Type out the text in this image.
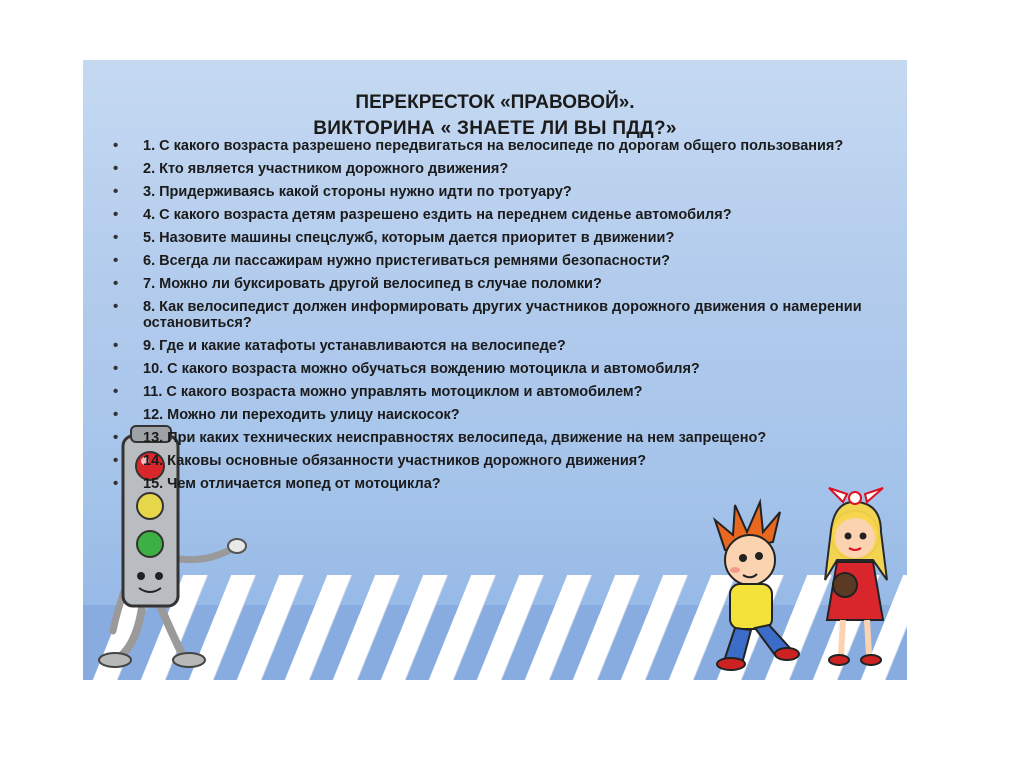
ПЕРЕКРЕСТОК «ПРАВОВОЙ».
ВИКТОРИНА « ЗНАЕТЕ ЛИ ВЫ ПДД?»
• 1. С какого возраста разрешено передвигаться на велосипеде по дорогам общего пользования?
• 2. Кто является участником дорожного движения?
• 3. Придерживаясь какой стороны нужно идти по тротуару?
• 4. С какого возраста детям разрешено ездить на переднем сиденье автомобиля?
• 5. Назовите машины спецслужб, которым дается приоритет в движении?
• 6. Всегда ли пассажирам нужно пристегиваться ремнями безопасности?
• 7. Можно ли буксировать другой велосипед в случае поломки?
• 8. Как велосипедист должен информировать других участников дорожного движения о намерении остановиться?
• 9. Где и какие катафоты устанавливаются на велосипеде?
• 10. С какого возраста можно обучаться вождению мотоцикла и автомобиля?
• 11. С какого возраста можно управлять мотоциклом и автомобилем?
• 12. Можно ли переходить улицу наискосок?
• 13. При каких технических неисправностях велосипеда, движение на нем запрещено?
• 14. Каковы основные обязанности участников дорожного движения?
• 15. Чем отличается мопед от мотоцикла?
